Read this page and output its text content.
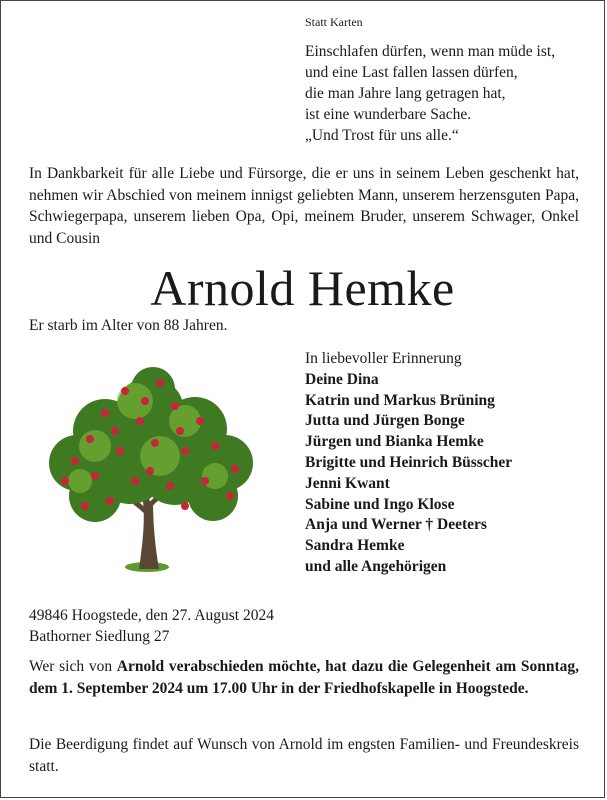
Statt Karten
Einschlafen dürfen, wenn man müde ist,
und eine Last fallen lassen dürfen,
die man Jahre lang getragen hat,
ist eine wunderbare Sache.
„Und Trost für uns alle.“
In Dankbarkeit für alle Liebe und Fürsorge, die er uns in seinem Leben geschenkt hat, nehmen wir Abschied von meinem innigst geliebten Mann, unserem herzensguten Papa, Schwiegerpapa, unserem lieben Opa, Opi, meinem Bruder, unserem Schwager, Onkel und Cousin
Arnold Hemke
Er starb im Alter von 88 Jahren.
In liebevoller Erinnerung
Deine Dina
Katrin und Markus Brüning
Jutta und Jürgen Bonge
Jürgen und Bianka Hemke
Brigitte und Heinrich Büsscher
Jenni Kwant
Sabine und Ingo Klose
Anja und Werner † Deeters
Sandra Hemke
und alle Angehörigen
49846 Hoogstede, den 27. August 2024
Bathorner Siedlung 27
Wer sich von Arnold verabschieden möchte, hat dazu die Gelegenheit am Sonntag, dem 1. September 2024 um 17.00 Uhr in der Friedhofskapelle in Hoogstede.
Die Beerdigung findet auf Wunsch von Arnold im engsten Familien- und Freundeskreis statt.
